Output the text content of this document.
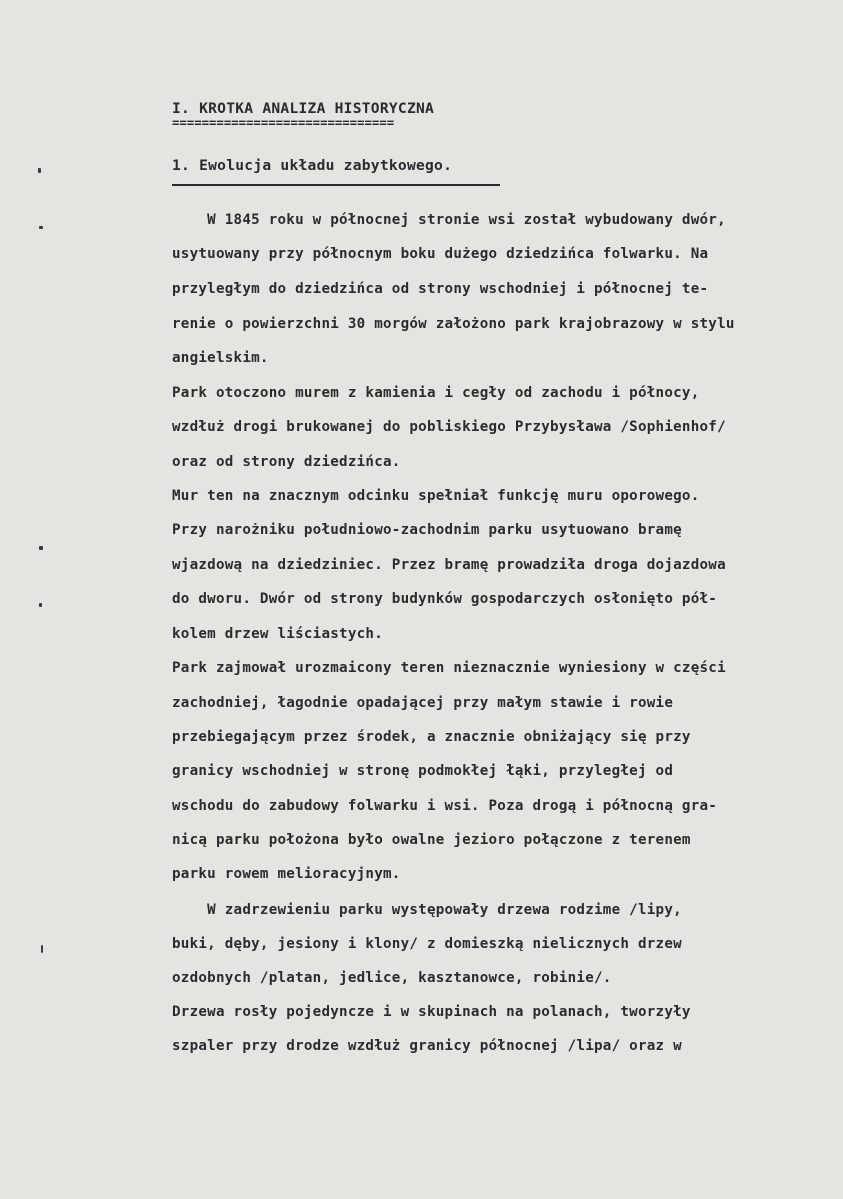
I. KROTKA ANALIZA HISTORYCZNA
==============================
1. Ewolucja układu zabytkowego.
W 1845 roku w północnej stronie wsi został wybudowany dwór,
usytuowany przy północnym boku dużego dziedzińca folwarku. Na
przyległym do dziedzińca od strony wschodniej i północnej te-
renie o powierzchni 30 morgów założono park krajobrazowy w stylu
angielskim.
Park otoczono murem z kamienia i cegły od zachodu i północy,
wzdłuż drogi brukowanej do pobliskiego Przybysława /Sophienhof/
oraz od strony dziedzińca.
Mur ten na znacznym odcinku spełniał funkcję muru oporowego.
Przy narożniku południowo-zachodnim parku usytuowano bramę
wjazdową na dziedziniec. Przez bramę prowadziła droga dojazdowa
do dworu. Dwór od strony budynków gospodarczych osłonięto pół-
kolem drzew liściastych.
Park zajmował urozmaicony teren nieznacznie wyniesiony w części
zachodniej, łagodnie opadającej przy małym stawie i rowie
przebiegającym przez środek, a znacznie obniżający się przy
granicy wschodniej w stronę podmokłej łąki, przyległej od
wschodu do zabudowy folwarku i wsi. Poza drogą i północną gra-
nicą parku położona było owalne jezioro połączone z terenem
parku rowem melioracyjnym.
W zadrzewieniu parku występowały drzewa rodzime /lipy,
buki, dęby, jesiony i klony/ z domieszką nielicznych drzew
ozdobnych /platan, jedlice, kasztanowce, robinie/.
Drzewa rosły pojedyncze i w skupinach na polanach, tworzyły
szpaler przy drodze wzdłuż granicy północnej /lipa/ oraz w
